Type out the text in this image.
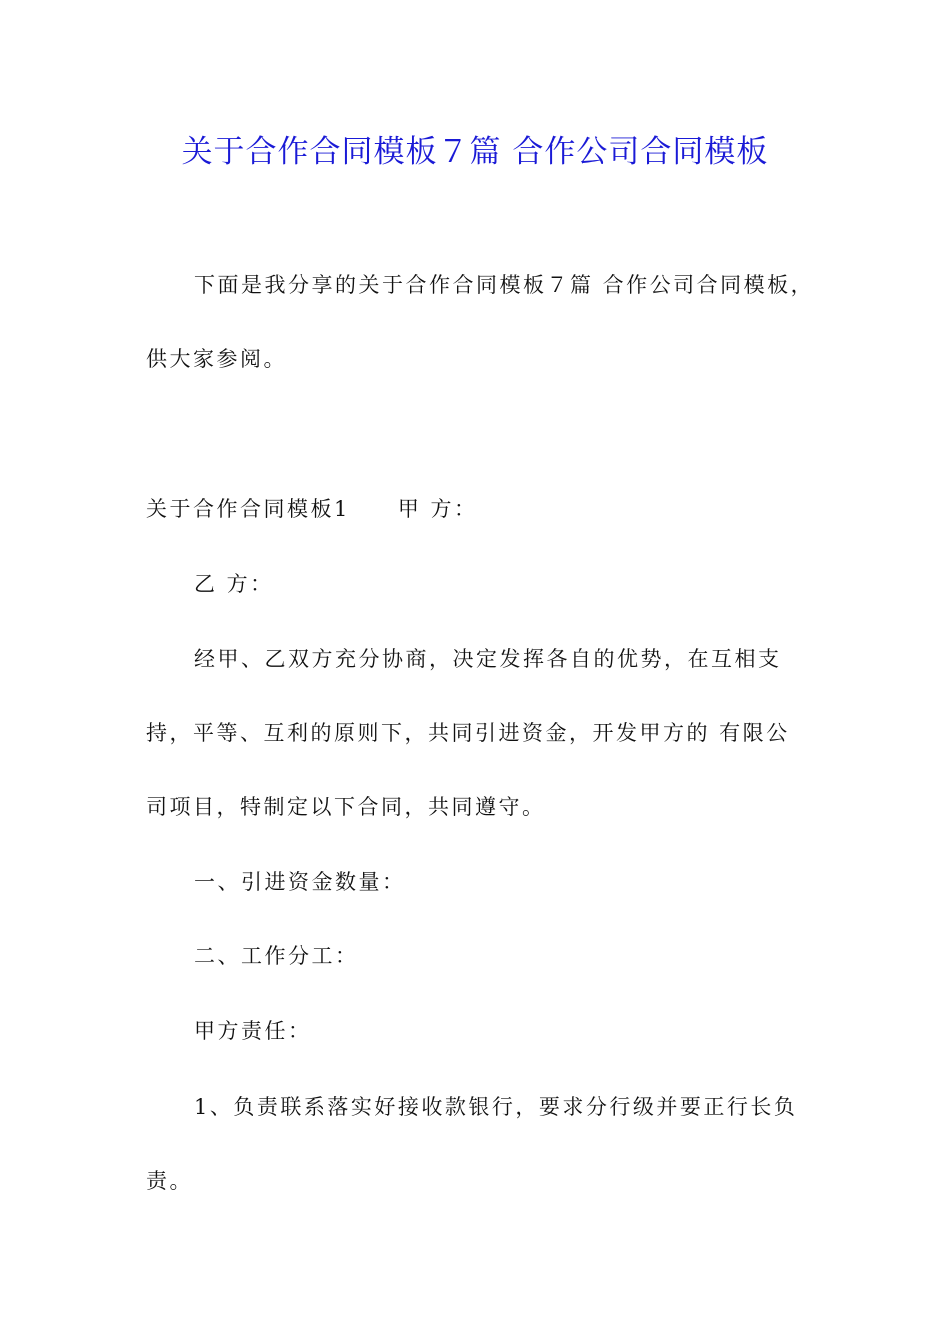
关于合作合同模板７篇 合作公司合同模板
下面是我分享的关于合作合同模板７篇 合作公司合同模板，
供大家参阅。
关于合作合同模板1 甲 方：
乙 方：
经甲、乙双方充分协商，决定发挥各自的优势，在互相支
持，平等、互利的原则下，共同引进资金，开发甲方的 有限公
司项目，特制定以下合同，共同遵守。
一、引进资金数量：
二、工作分工：
甲方责任：
1、负责联系落实好接收款银行，要求分行级并要正行长负
责。
